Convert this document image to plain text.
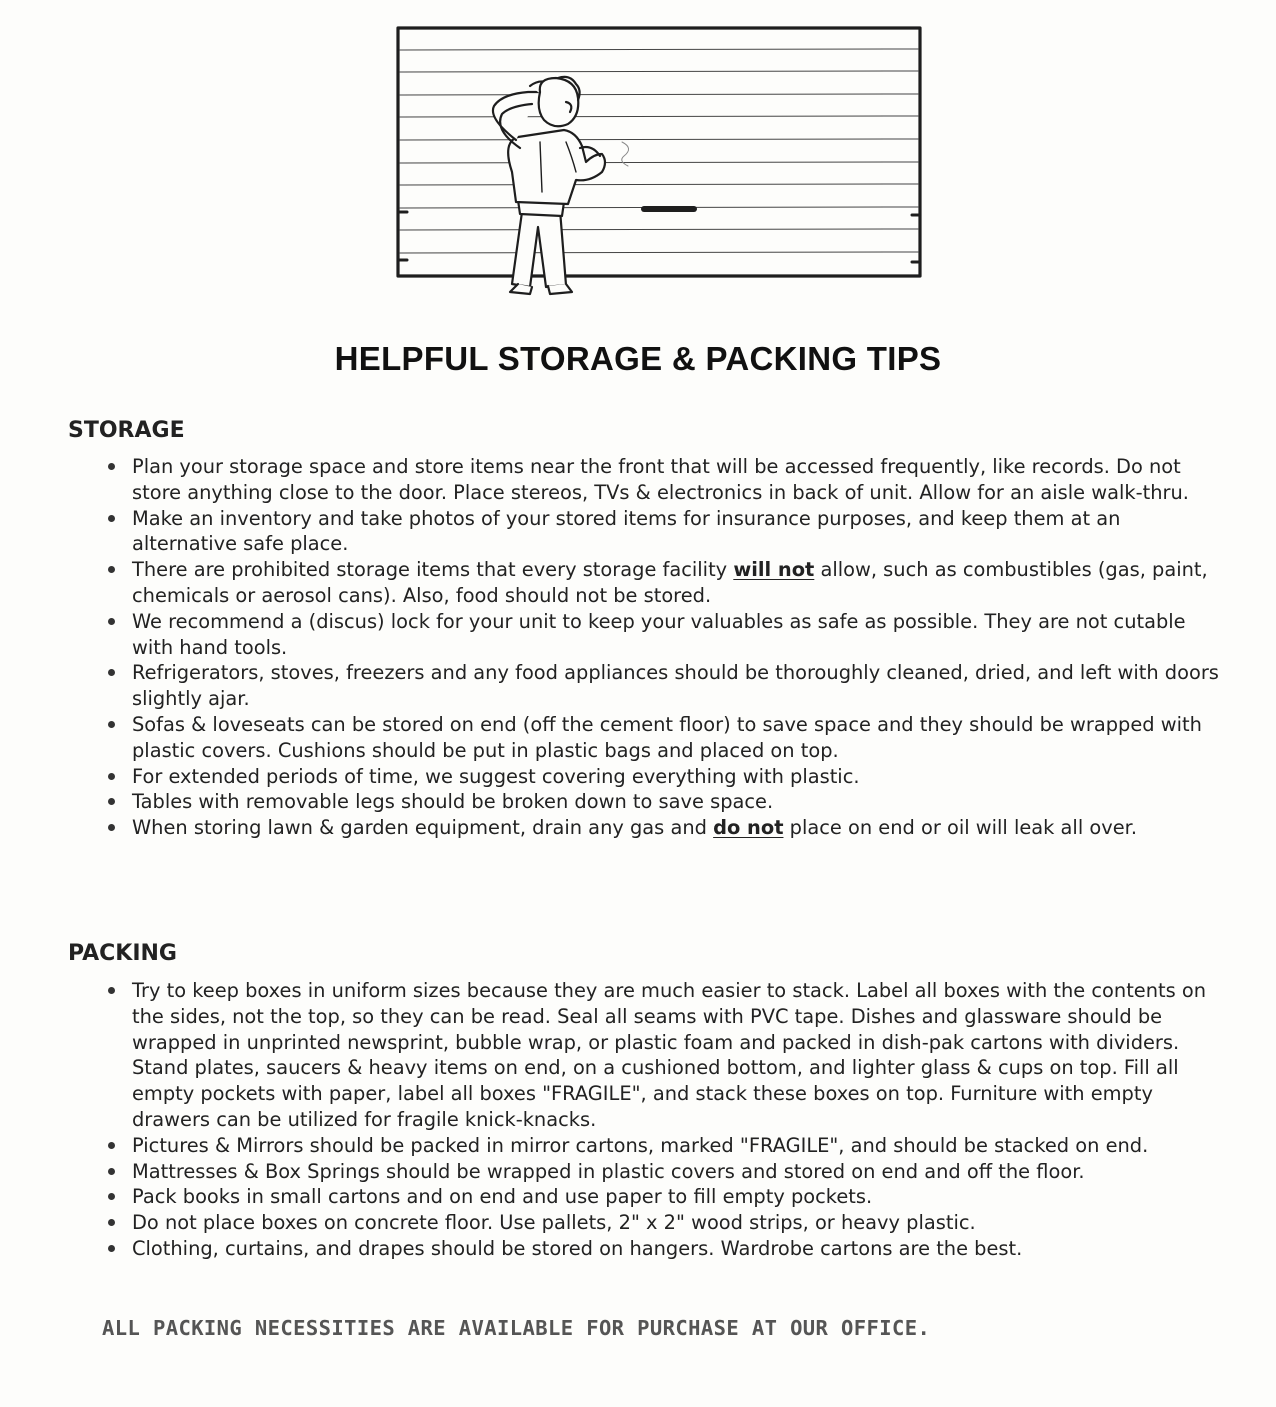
HELPFUL STORAGE & PACKING TIPS
STORAGE
Plan your storage space and store items near the front that will be accessed frequently, like records. Do not store anything close to the door. Place stereos, TVs & electronics in back of unit. Allow for an aisle walk-thru.
Make an inventory and take photos of your stored items for insurance purposes, and keep them at an alternative safe place.
There are prohibited storage items that every storage facility will not allow, such as combustibles (gas, paint, chemicals or aerosol cans). Also, food should not be stored.
We recommend a (discus) lock for your unit to keep your valuables as safe as possible. They are not cutable with hand tools.
Refrigerators, stoves, freezers and any food appliances should be thoroughly cleaned, dried, and left with doors slightly ajar.
Sofas & loveseats can be stored on end (off the cement floor) to save space and they should be wrapped with plastic covers. Cushions should be put in plastic bags and placed on top.
For extended periods of time, we suggest covering everything with plastic.
Tables with removable legs should be broken down to save space.
When storing lawn & garden equipment, drain any gas and do not place on end or oil will leak all over.
PACKING
Try to keep boxes in uniform sizes because they are much easier to stack. Label all boxes with the contents on the sides, not the top, so they can be read. Seal all seams with PVC tape. Dishes and glassware should be wrapped in unprinted newsprint, bubble wrap, or plastic foam and packed in dish-pak cartons with dividers. Stand plates, saucers & heavy items on end, on a cushioned bottom, and lighter glass & cups on top. Fill all empty pockets with paper, label all boxes "FRAGILE", and stack these boxes on top. Furniture with empty drawers can be utilized for fragile knick-knacks.
Pictures & Mirrors should be packed in mirror cartons, marked "FRAGILE", and should be stacked on end.
Mattresses & Box Springs should be wrapped in plastic covers and stored on end and off the floor.
Pack books in small cartons and on end and use paper to fill empty pockets.
Do not place boxes on concrete floor. Use pallets, 2" x 2" wood strips, or heavy plastic.
Clothing, curtains, and drapes should be stored on hangers. Wardrobe cartons are the best.

ALL PACKING NECESSITIES ARE AVAILABLE FOR PURCHASE AT OUR OFFICE.
